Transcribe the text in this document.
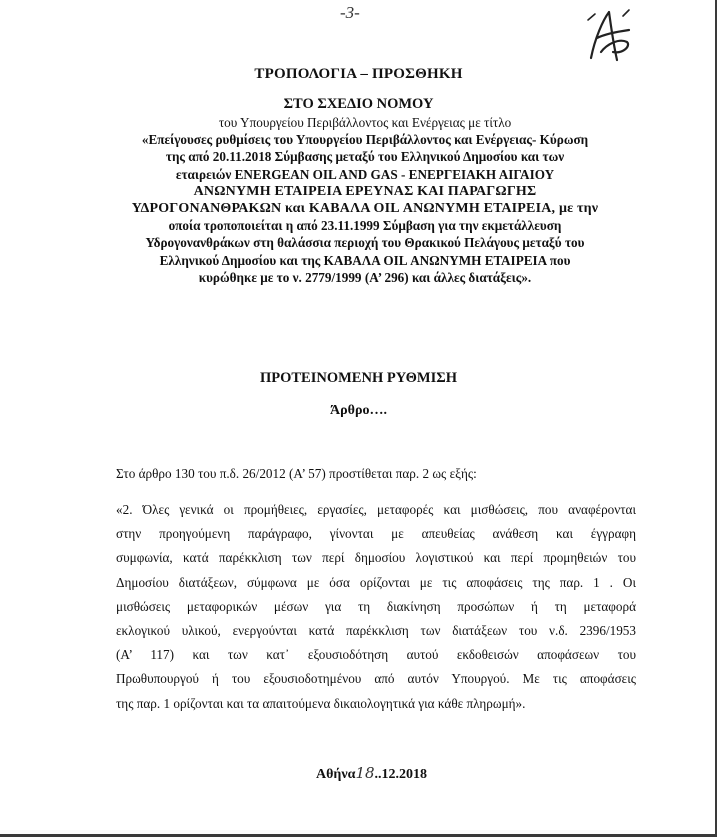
-3-
ΤΡΟΠΟΛΟΓΙΑ – ΠΡΟΣΘΗΚΗ
ΣΤΟ ΣΧΕΔΙΟ ΝΟΜΟΥ
του Υπουργείου Περιβάλλοντος και Ενέργειας με τίτλο
«Επείγουσες ρυθμίσεις του Υπουργείου Περιβάλλοντος και Ενέργειας- Κύρωση
της από 20.11.2018 Σύμβασης μεταξύ του Ελληνικού Δημοσίου και των
εταιρειών ENERGEAN OIL AND GAS - ΕΝΕΡΓΕΙΑΚΗ ΑΙΓΑΙΟΥ
ΑΝΩΝΥΜΗ ΕΤΑΙΡΕΙΑ ΕΡΕΥΝΑΣ ΚΑΙ ΠΑΡΑΓΩΓΗΣ
ΥΔΡΟΓΟΝΑΝΘΡΑΚΩΝ και ΚΑΒΑΛΑ OIL ΑΝΩΝΥΜΗ ΕΤΑΙΡΕΙΑ, με την
οποία τροποποιείται η από 23.11.1999 Σύμβαση για την εκμετάλλευση
Υδρογονανθράκων στη θαλάσσια περιοχή του Θρακικού Πελάγους μεταξύ του
Ελληνικού Δημοσίου και της ΚΑΒΑΛΑ OIL ΑΝΩΝΥΜΗ ΕΤΑΙΡΕΙΑ που
κυρώθηκε με το ν. 2779/1999 (Α’ 296) και άλλες διατάξεις».
ΠΡΟΤΕΙΝΟΜΕΝΗ ΡΥΘΜΙΣΗ
Άρθρο….
Στο άρθρο 130 του π.δ. 26/2012 (Α’ 57) προστίθεται παρ. 2 ως εξής:
«2. Όλες γενικά οι προμήθειες, εργασίες, μεταφορές και μισθώσεις, που αναφέρονται
στην προηγούμενη παράγραφο, γίνονται με απευθείας ανάθεση και έγγραφη
συμφωνία, κατά παρέκκλιση των περί δημοσίου λογιστικού και περί προμηθειών του
Δημοσίου διατάξεων, σύμφωνα με όσα ορίζονται με τις αποφάσεις της παρ. 1 . Οι
μισθώσεις μεταφορικών μέσων για τη διακίνηση προσώπων ή τη μεταφορά
εκλογικού υλικού, ενεργούνται κατά παρέκκλιση των διατάξεων του ν.δ. 2396/1953
(Α’ 117) και των κατ᾽ εξουσιοδότηση αυτού εκδοθεισών αποφάσεων του
Πρωθυπουργού ή του εξουσιοδοτημένου από αυτόν Υπουργού. Με τις αποφάσεις
της παρ. 1 ορίζονται και τα απαιτούμενα δικαιολογητικά για κάθε πληρωμή».
Αθήνα18..12.2018
